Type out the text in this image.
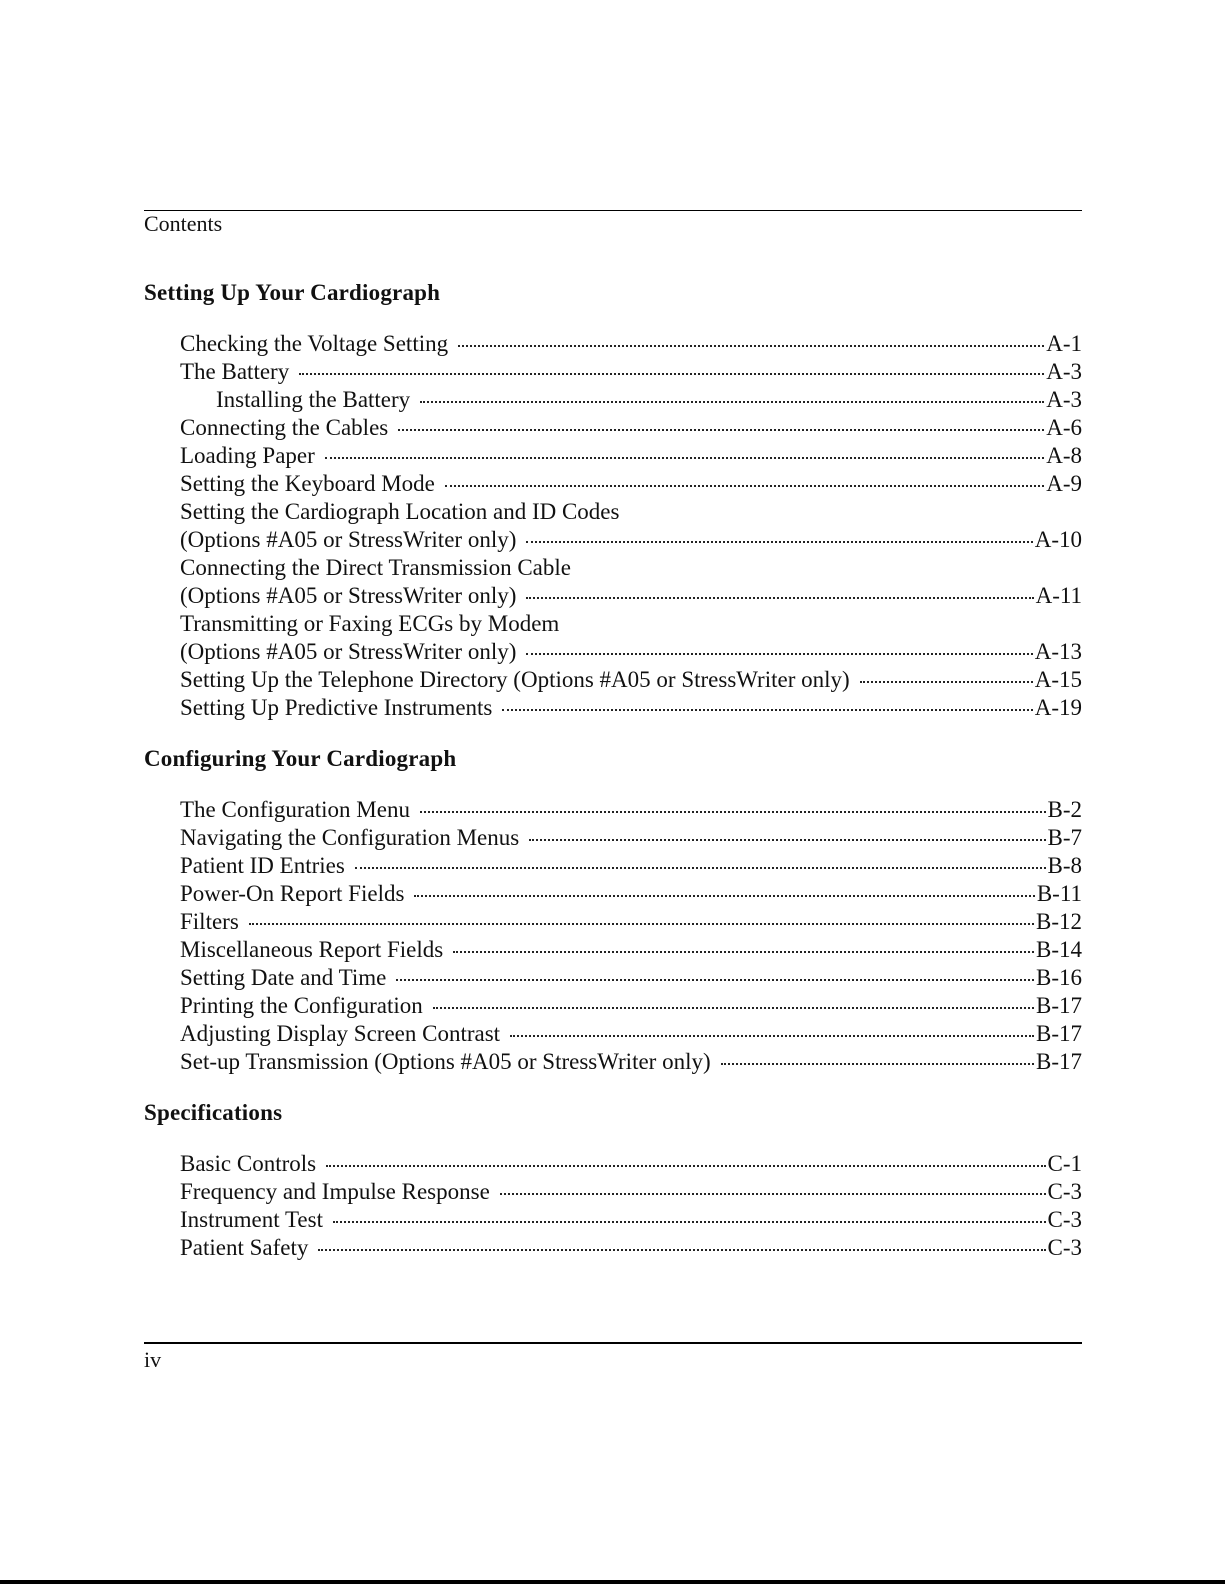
Contents
Setting Up Your Cardiograph
Checking the Voltage Setting	A-1
The Battery	A-3
Installing the Battery	A-3
Connecting the Cables	A-6
Loading Paper	A-8
Setting the Keyboard Mode	A-9
Setting the Cardiograph Location and ID Codes
(Options #A05 or StressWriter only)	A-10
Connecting the Direct Transmission Cable
(Options #A05 or StressWriter only)	A-11
Transmitting or Faxing ECGs by Modem
(Options #A05 or StressWriter only)	A-13
Setting Up the Telephone Directory (Options #A05 or StressWriter only)	A-15
Setting Up Predictive Instruments	A-19
Configuring Your Cardiograph
The Configuration Menu	B-2
Navigating the Configuration Menus	B-7
Patient ID Entries	B-8
Power-On Report Fields	B-11
Filters	B-12
Miscellaneous Report Fields	B-14
Setting Date and Time	B-16
Printing the Configuration	B-17
Adjusting Display Screen Contrast	B-17
Set-up Transmission (Options #A05 or StressWriter only)	B-17
Specifications
Basic Controls	C-1
Frequency and Impulse Response	C-3
Instrument Test	C-3
Patient Safety	C-3
iv
